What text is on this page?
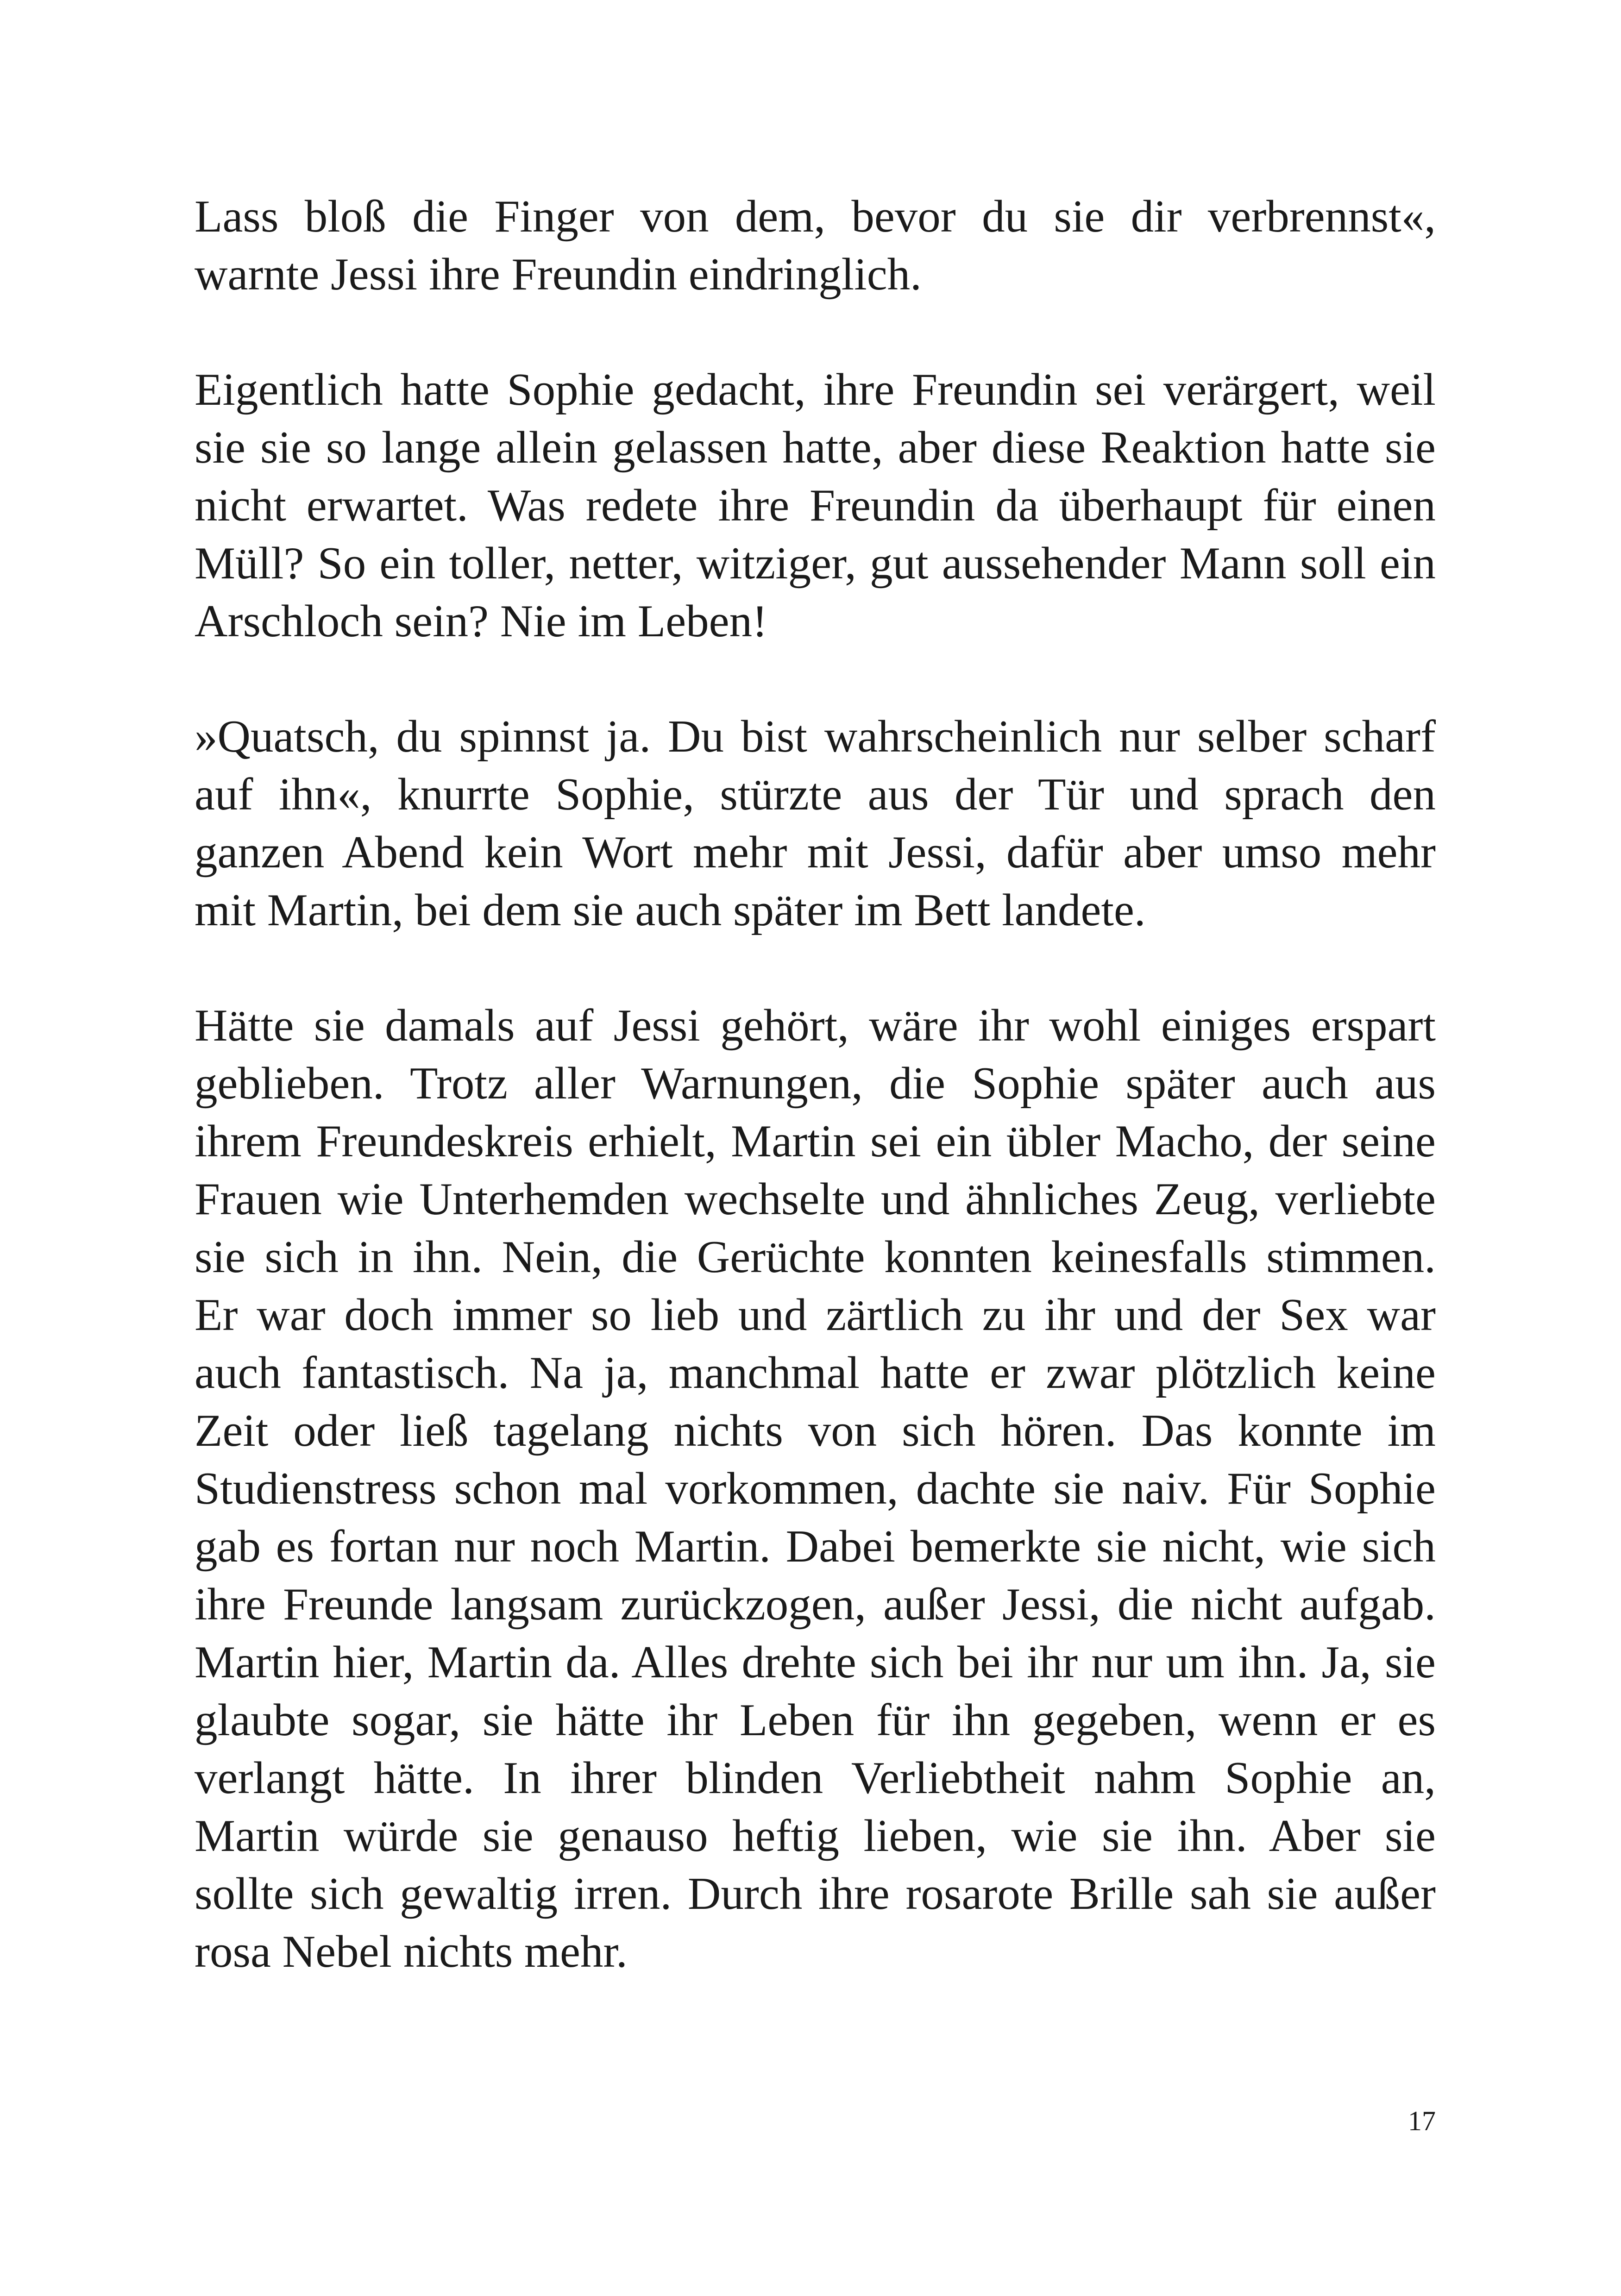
Lass bloß die Finger von dem, bevor du sie dir verbrennst«,
warnte Jessi ihre Freundin eindringlich.

Eigentlich hatte Sophie gedacht, ihre Freundin sei verärgert, weil
sie sie so lange allein gelassen hatte, aber diese Reaktion hatte sie
nicht erwartet. Was redete ihre Freundin da überhaupt für einen
Müll? So ein toller, netter, witziger, gut aussehender Mann soll ein
Arschloch sein? Nie im Leben!

»Quatsch, du spinnst ja. Du bist wahrscheinlich nur selber scharf
auf ihn«, knurrte Sophie, stürzte aus der Tür und sprach den
ganzen Abend kein Wort mehr mit Jessi, dafür aber umso mehr
mit Martin, bei dem sie auch später im Bett landete.

Hätte sie damals auf Jessi gehört, wäre ihr wohl einiges erspart
geblieben. Trotz aller Warnungen, die Sophie später auch aus
ihrem Freundeskreis erhielt, Martin sei ein übler Macho, der seine
Frauen wie Unterhemden wechselte und ähnliches Zeug, verliebte
sie sich in ihn. Nein, die Gerüchte konnten keinesfalls stimmen.
Er war doch immer so lieb und zärtlich zu ihr und der Sex war
auch fantastisch. Na ja, manchmal hatte er zwar plötzlich keine
Zeit oder ließ tagelang nichts von sich hören. Das konnte im
Studienstress schon mal vorkommen, dachte sie naiv. Für Sophie
gab es fortan nur noch Martin. Dabei bemerkte sie nicht, wie sich
ihre Freunde langsam zurückzogen, außer Jessi, die nicht aufgab.
Martin hier, Martin da. Alles drehte sich bei ihr nur um ihn. Ja, sie
glaubte sogar, sie hätte ihr Leben für ihn gegeben, wenn er es
verlangt hätte. In ihrer blinden Verliebtheit nahm Sophie an,
Martin würde sie genauso heftig lieben, wie sie ihn. Aber sie
sollte sich gewaltig irren. Durch ihre rosarote Brille sah sie außer
rosa Nebel nichts mehr.

17
